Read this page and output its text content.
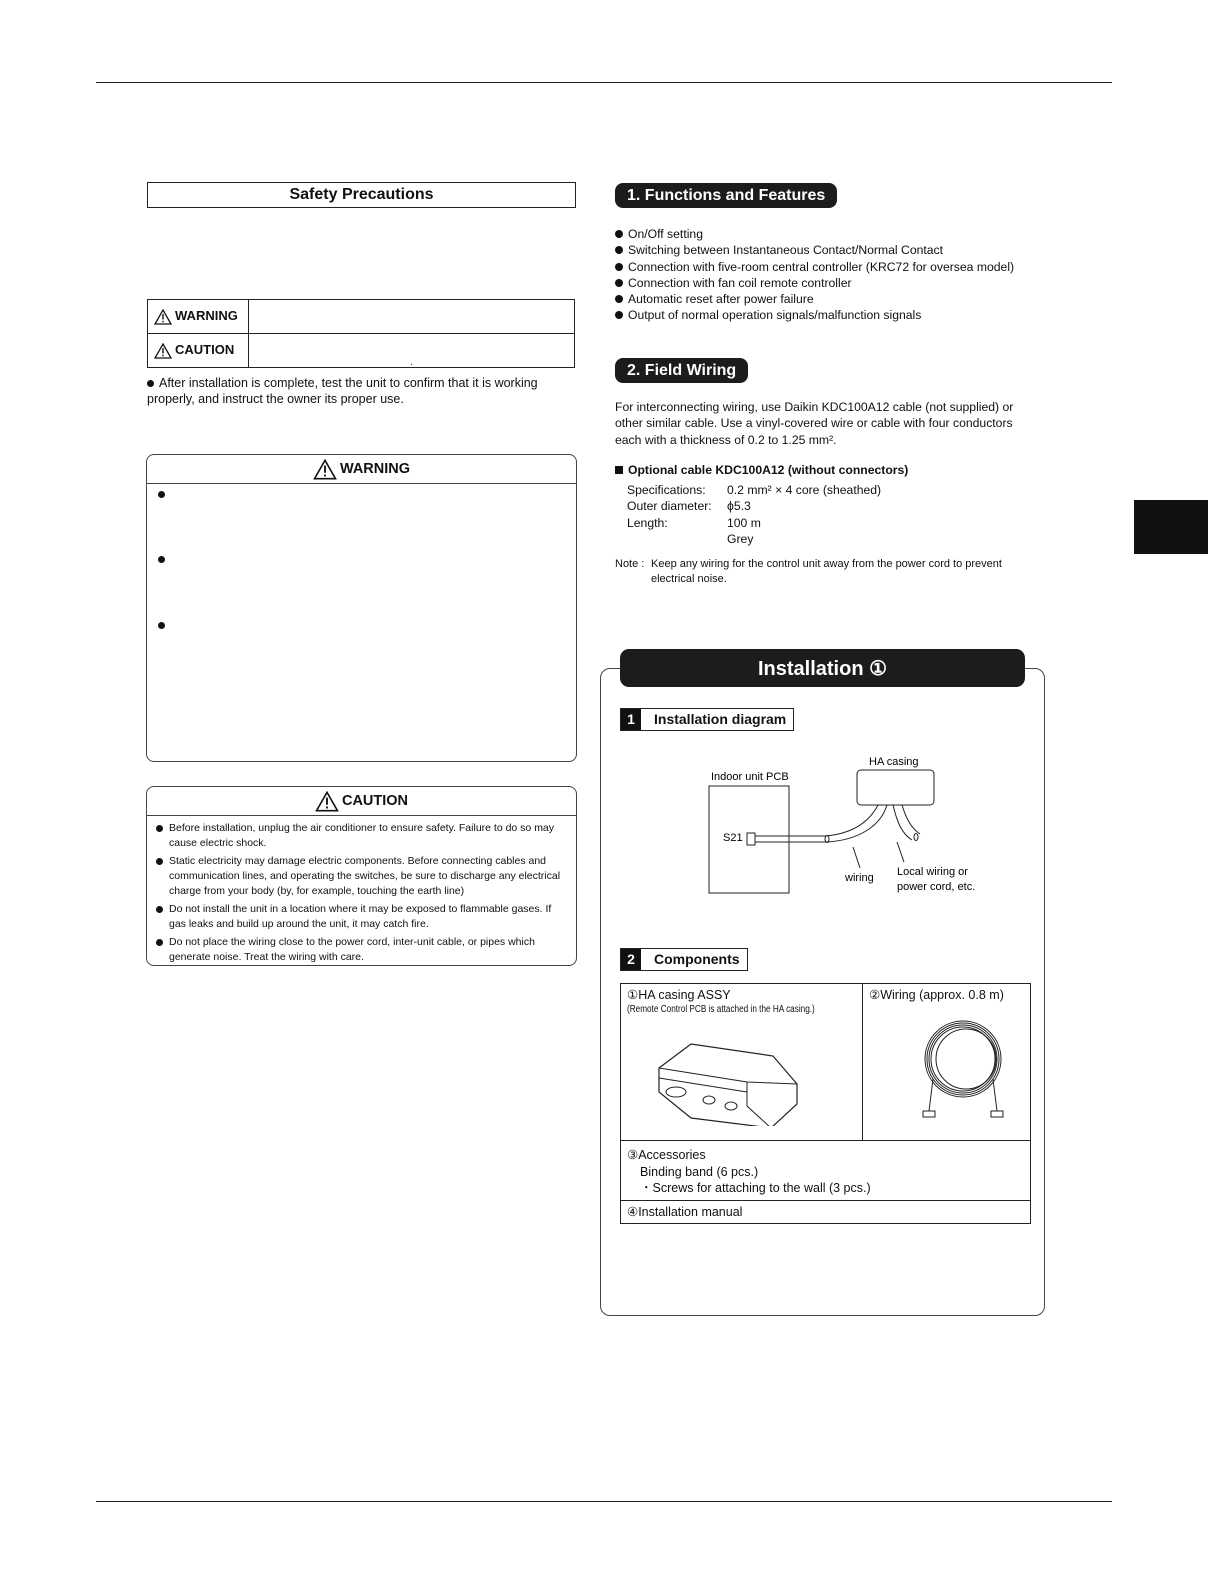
Safety Precautions
WARNING	
CAUTION	.
After installation is complete, test the unit to confirm that it is working properly, and instruct the owner its proper use.
WARNING
CAUTION
Before installation, unplug the air conditioner to ensure safety. Failure to do so may cause electric shock.
Static electricity may damage electric components. Before connecting cables and communication lines, and operating the switches, be sure to discharge any electrical charge from your body (by, for example, touching the earth line)
Do not install the unit in a location where it may be exposed to flammable gases. If gas leaks and build up around the unit, it may catch fire.
Do not place the wiring close to the power cord, inter-unit cable, or pipes which generate noise. Treat the wiring with care.
1. Functions and Features
On/Off setting
Switching between Instantaneous Contact/Normal Contact
Connection with five-room central controller (KRC72 for oversea model)
Connection with fan coil remote controller
Automatic reset after power failure
Output of normal operation signals/malfunction signals
2. Field Wiring
For interconnecting wiring, use Daikin KDC100A12 cable (not supplied) or other similar cable. Use a vinyl-covered wire or cable with four conductors each with a thickness of 0.2 to 1.25 mm².
Optional cable KDC100A12 (without connectors)
Specifications: 0.2 mm² × 4 core (sheathed)
Outer diameter: ϕ5.3
Length:	100 m
Grey
Note : Keep any wiring for the control unit away from the power cord to prevent electrical noise.
Installation ①
1	Installation diagram
Indoor unit PCB
HA casing
S21
wiring Local wiring or
power cord, etc.
2	Components
①HA casing ASSY
(Remote Control PCB is attached in the HA casing.)

②Wiring (approx. 0.8 m)

③Accessories
Binding band (6 pcs.)
・Screws for attaching to the wall (3 pcs.)

④Installation manual
